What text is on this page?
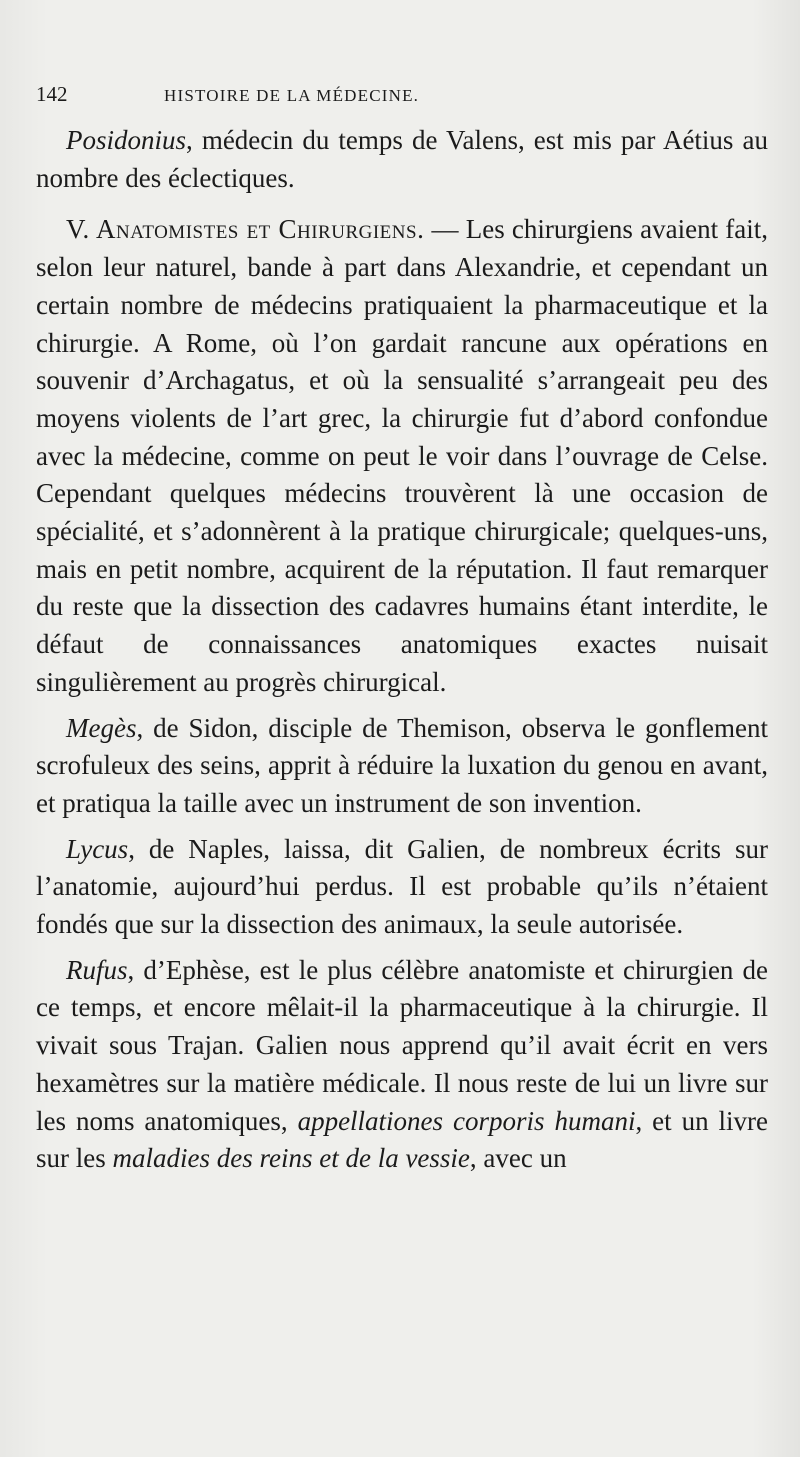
142	HISTOIRE DE LA MÉDECINE.

Posidonius, médecin du temps de Valens, est mis par Aétius au nombre des éclectiques.

V. Anatomistes et Chirurgiens. — Les chirurgiens avaient fait, selon leur naturel, bande à part dans Alexandrie, et cependant un certain nombre de médecins pratiquaient la pharmaceutique et la chirurgie. A Rome, où l’on gardait rancune aux opérations en souvenir d’Archagatus, et où la sensualité s’arrangeait peu des moyens violents de l’art grec, la chirurgie fut d’abord confondue avec la médecine, comme on peut le voir dans l’ouvrage de Celse. Cependant quelques médecins trouvèrent là une occasion de spécialité, et s’adonnèrent à la pratique chirurgicale; quelques-uns, mais en petit nombre, acquirent de la réputation. Il faut remarquer du reste que la dissection des cadavres humains étant interdite, le défaut de connaissances anatomiques exactes nuisait singulièrement au progrès chirurgical.

Megès, de Sidon, disciple de Themison, observa le gonflement scrofuleux des seins, apprit à réduire la luxation du genou en avant, et pratiqua la taille avec un instrument de son invention.

Lycus, de Naples, laissa, dit Galien, de nombreux écrits sur l’anatomie, aujourd’hui perdus. Il est probable qu’ils n’étaient fondés que sur la dissection des animaux, la seule autorisée.

Rufus, d’Ephèse, est le plus célèbre anatomiste et chirurgien de ce temps, et encore mêlait-il la pharmaceutique à la chirurgie. Il vivait sous Trajan. Galien nous apprend qu’il avait écrit en vers hexamètres sur la matière médicale. Il nous reste de lui un livre sur les noms anatomiques, appellationes corporis humani, et un livre sur les maladies des reins et de la vessie, avec un
